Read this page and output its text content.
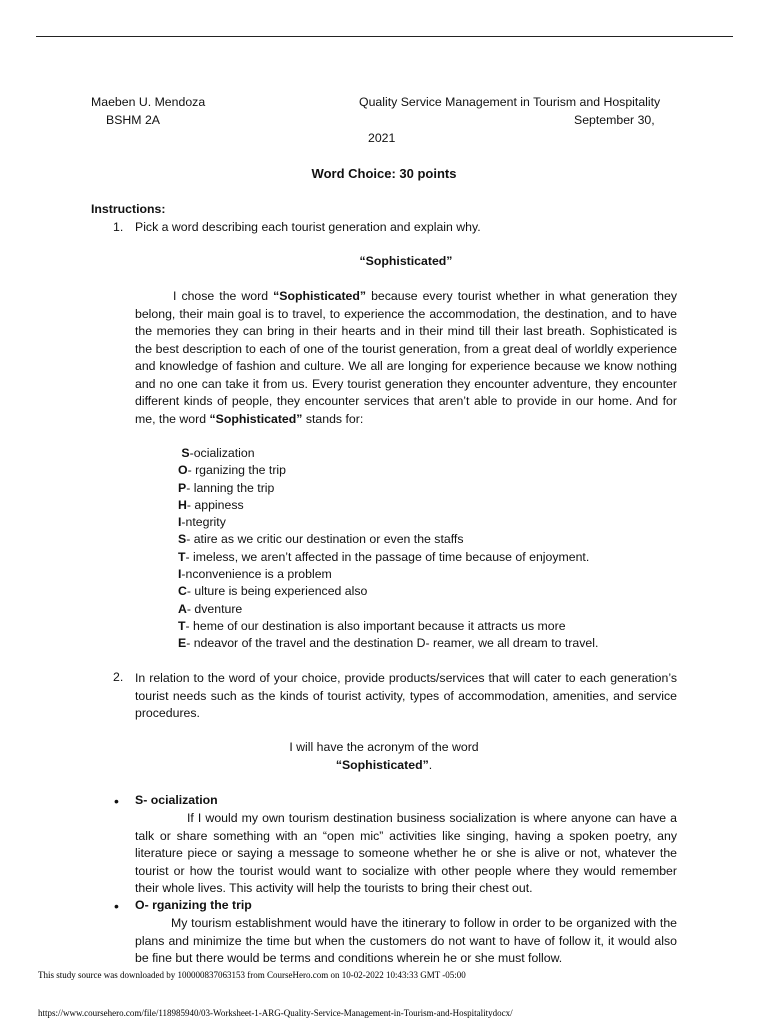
Maeben U. Mendoza
BSHM 2A
Quality Service Management in Tourism and Hospitality
September 30,
2021
Word Choice: 30 points
Instructions:
1. Pick a word describing each tourist generation and explain why.
“Sophisticated”

I chose the word “Sophisticated” because every tourist whether in what generation they belong, their main goal is to travel, to experience the accommodation, the destination, and to have the memories they can bring in their hearts and in their mind till their last breath. Sophisticated is the best description to each of one of the tourist generation, from a great deal of worldly experience and knowledge of fashion and culture. We all are longing for experience because we know nothing and no one can take it from us. Every tourist generation they encounter adventure, they encounter different kinds of people, they encounter services that aren’t able to provide in our home. And for me, the word “Sophisticated” stands for:

S-ocialization
O- rganizing the trip
P- lanning the trip
H- appiness
I-ntegrity
S- atire as we critic our destination or even the staffs
T- imeless, we aren’t affected in the passage of time because of enjoyment.
I-nconvenience is a problem
C- ulture is being experienced also
A- dventure
T- heme of our destination is also important because it attracts us more
E- ndeavor of the travel and the destination D- reamer, we all dream to travel.
2. In relation to the word of your choice, provide products/services that will cater to each generation’s tourist needs such as the kinds of tourist activity, types of accommodation, amenities, and service procedures.

I will have the acronym of the word
“Sophisticated”.
• S- ocialization

If I would my own tourism destination business socialization is where anyone can have a talk or share something with an “open mic” activities like singing, having a spoken poetry, any literature piece or saying a message to someone whether he or she is alive or not, whatever the tourist or how the tourist would want to socialize with other people where they would remember their whole lives. This activity will help the tourists to bring their chest out.

• O- rganizing the trip

My tourism establishment would have the itinerary to follow in order to be organized with the plans and minimize the time but when the customers do not want to have of follow it, it would also be fine but there would be terms and conditions wherein he or she must follow.

This study source was downloaded by 100000837063153 from CourseHero.com on 10-02-2022 10:43:33 GMT -05:00
https://www.coursehero.com/file/118985940/03-Worksheet-1-ARG-Quality-Service-Management-in-Tourism-and-Hospitalitydocx/
